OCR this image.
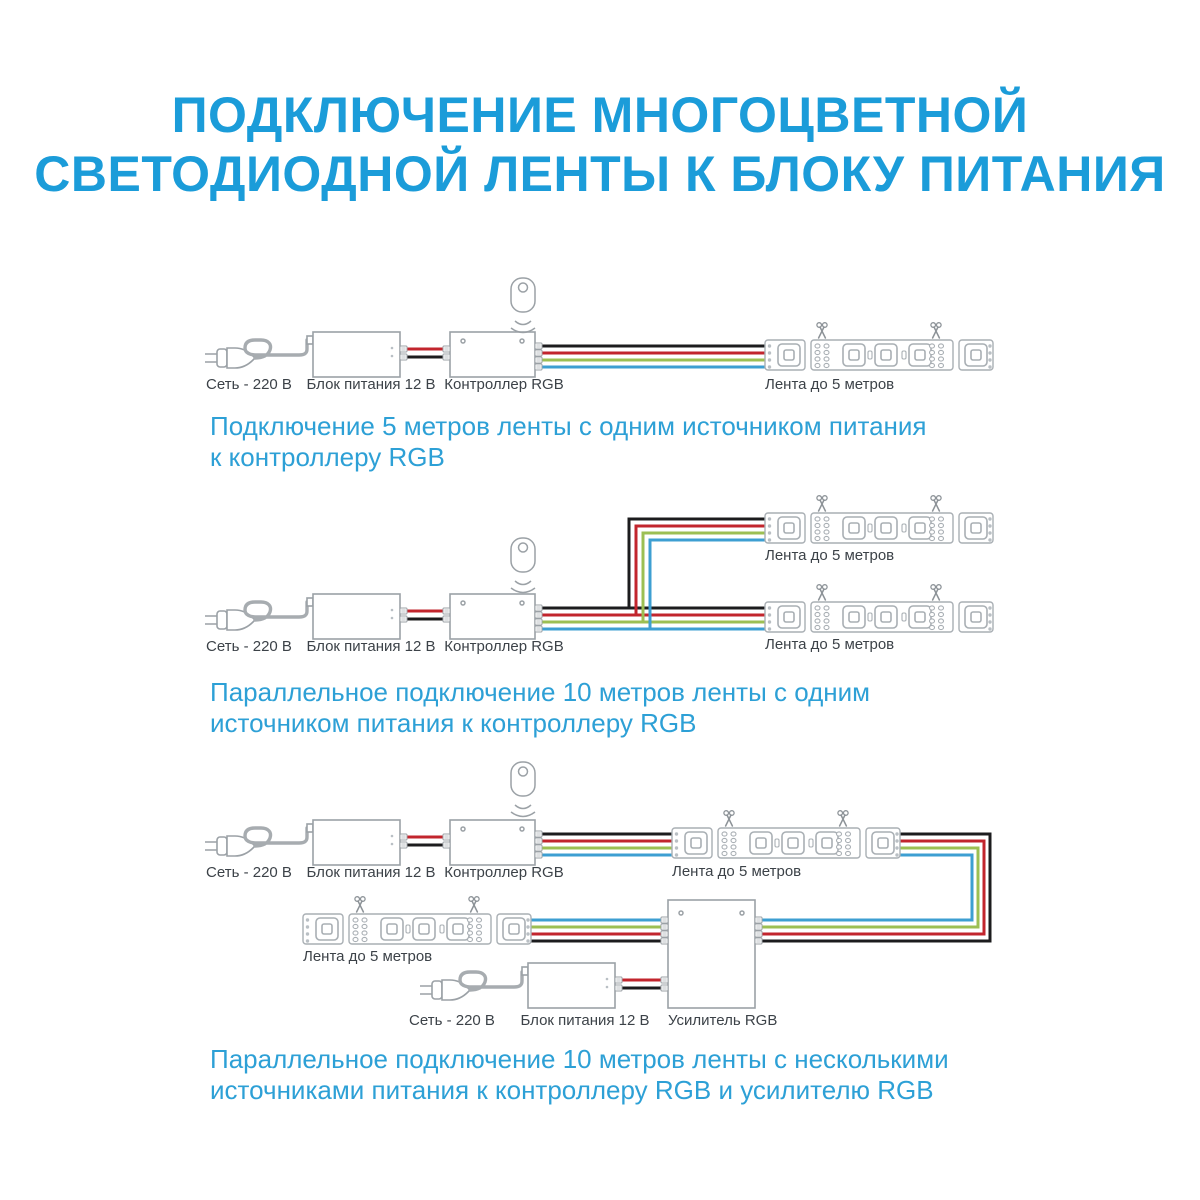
ПОДКЛЮЧЕНИЕ МНОГОЦВЕТНОЙ
СВЕТОДИОДНОЙ ЛЕНТЫ К БЛОКУ ПИТАНИЯ
Сеть - 220 В Блок питания 12 В Контроллер RGB	Лента до 5 метров
Сеть - 220 В Блок питания 12 В Контроллер RGB
Лента до 5 метров
Лента до 5 метров
Сеть - 220 В Блок питания 12 В Контроллер RGB	Лента до 5 метров
Лента до 5 метров
Сеть - 220 В Блок питания 12 В Усилитель RGB
Подключение 5 метров ленты с одним источником питания
к контроллеру RGB
Параллельное подключение 10 метров ленты с одним
источником питания к контроллеру RGB
Параллельное подключение 10 метров ленты с несколькими
источниками питания к контроллеру RGB и усилителю RGB
